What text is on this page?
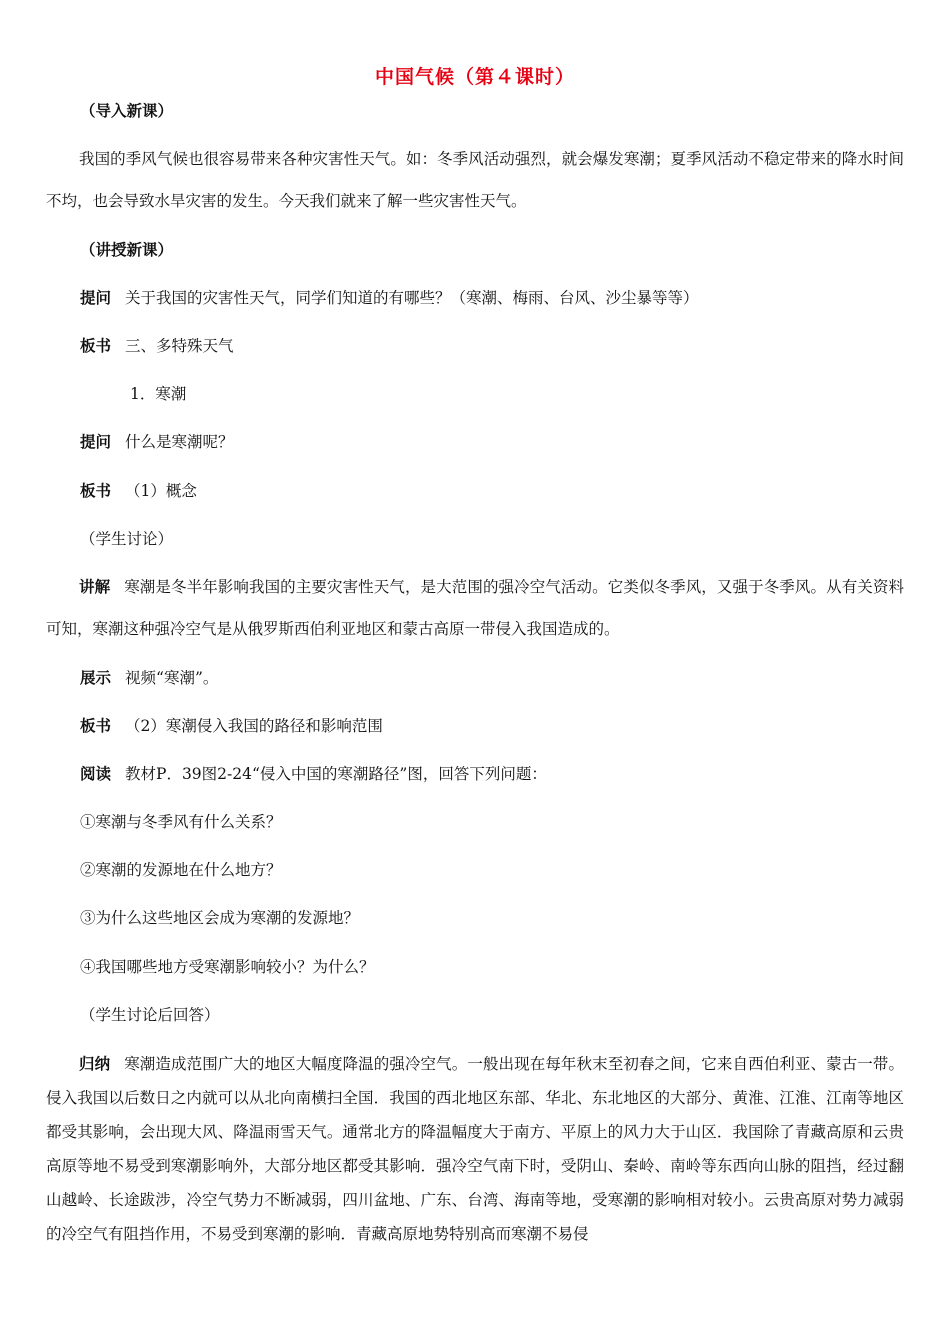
中国气候（第４课时）
（导入新课）
我国的季风气候也很容易带来各种灾害性天气。如：冬季风活动强烈，就会爆发寒潮；夏季风活动不稳定带来的降水时间不均，也会导致水旱灾害的发生。今天我们就来了解一些灾害性天气。
（讲授新课）
提问 关于我国的灾害性天气，同学们知道的有哪些？（寒潮、梅雨、台风、沙尘暴等等）
板书 三、多特殊天气
1．寒潮
提问 什么是寒潮呢？
板书 （1）概念
（学生讨论）
讲解 寒潮是冬半年影响我国的主要灾害性天气，是大范围的强冷空气活动。它类似冬季风，又强于冬季风。从有关资料可知，寒潮这种强冷空气是从俄罗斯西伯利亚地区和蒙古高原一带侵入我国造成的。
展示 视频“寒潮”。
板书 （2）寒潮侵入我国的路径和影响范围
阅读 教材P．39图2-24“侵入中国的寒潮路径”图，回答下列问题：
①寒潮与冬季风有什么关系？
②寒潮的发源地在什么地方？
③为什么这些地区会成为寒潮的发源地？
④我国哪些地方受寒潮影响较小？为什么？
（学生讨论后回答）
归纳 寒潮造成范围广大的地区大幅度降温的强冷空气。一般出现在每年秋末至初春之间，它来自西伯利亚、蒙古一带。侵入我国以后数日之内就可以从北向南横扫全国．我国的西北地区东部、华北、东北地区的大部分、黄淮、江淮、江南等地区都受其影响，会出现大风、降温雨雪天气。通常北方的降温幅度大于南方、平原上的风力大于山区．我国除了青藏高原和云贵高原等地不易受到寒潮影响外，大部分地区都受其影响．强冷空气南下时，受阴山、秦岭、南岭等东西向山脉的阻挡，经过翻山越岭、长途跋涉，冷空气势力不断减弱，四川盆地、广东、台湾、海南等地，受寒潮的影响相对较小。云贵高原对势力减弱的冷空气有阻挡作用，不易受到寒潮的影响．青藏高原地势特别高而寒潮不易侵
